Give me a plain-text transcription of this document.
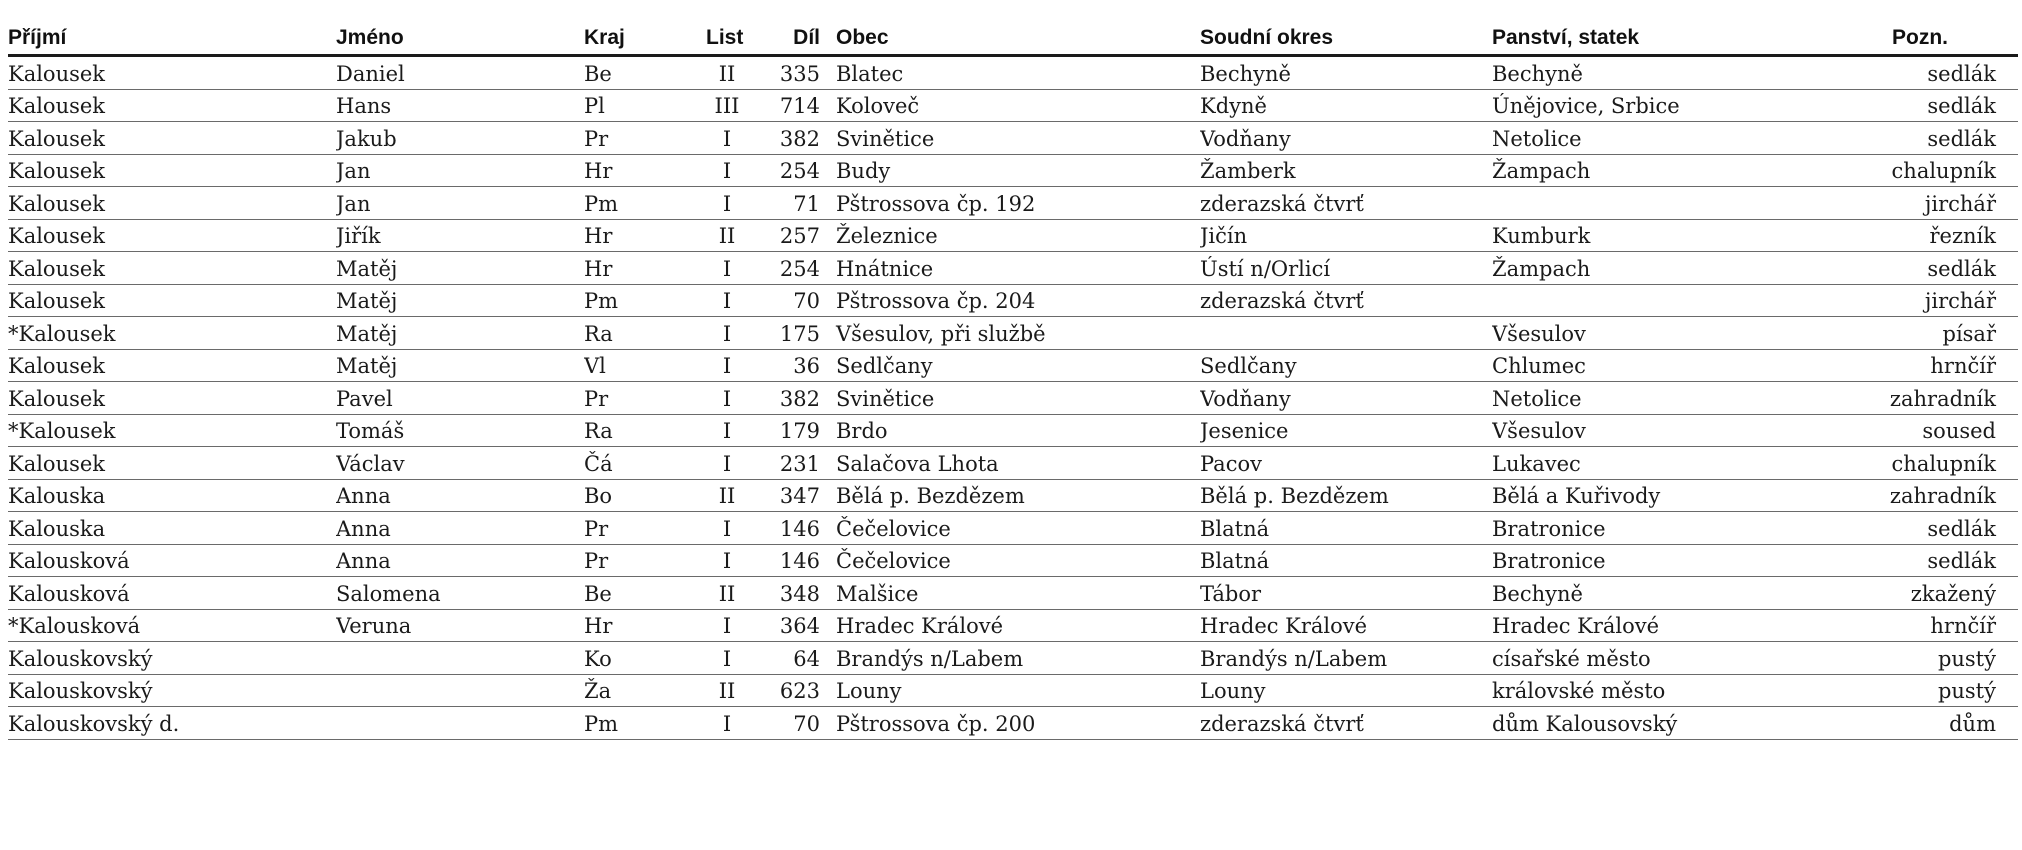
Příjmí	Jméno	Kraj	List	Díl	Obec	Soudní okres	Panství, statek	Pozn.
Kalousek	Daniel	Be	II	335	Blatec	Bechyně	Bechyně	sedlák
Kalousek	Hans	Pl	III	714	Koloveč	Kdyně	Únějovice, Srbice	sedlák
Kalousek	Jakub	Pr	I	382	Svinětice	Vodňany	Netolice	sedlák
Kalousek	Jan	Hr	I	254	Budy	Žamberk	Žampach	chalupník
Kalousek	Jan	Pm	I	71	Pštrossova čp. 192	zderazská čtvrť		jirchář
Kalousek	Jiřík	Hr	II	257	Železnice	Jičín	Kumburk	řezník
Kalousek	Matěj	Hr	I	254	Hnátnice	Ústí n/Orlicí	Žampach	sedlák
Kalousek	Matěj	Pm	I	70	Pštrossova čp. 204	zderazská čtvrť		jirchář
*Kalousek	Matěj	Ra	I	175	Všesulov, při službě		Všesulov	písař
Kalousek	Matěj	Vl	I	36	Sedlčany	Sedlčany	Chlumec	hrnčíř
Kalousek	Pavel	Pr	I	382	Svinětice	Vodňany	Netolice	zahradník
*Kalousek	Tomáš	Ra	I	179	Brdo	Jesenice	Všesulov	soused
Kalousek	Václav	Čá	I	231	Salačova Lhota	Pacov	Lukavec	chalupník
Kalouska	Anna	Bo	II	347	Bělá p. Bezdězem	Bělá p. Bezdězem	Bělá a Kuřivody	zahradník
Kalouska	Anna	Pr	I	146	Čečelovice	Blatná	Bratronice	sedlák
Kalousková	Anna	Pr	I	146	Čečelovice	Blatná	Bratronice	sedlák
Kalousková	Salomena	Be	II	348	Malšice	Tábor	Bechyně	zkažený
*Kalousková	Veruna	Hr	I	364	Hradec Králové	Hradec Králové	Hradec Králové	hrnčíř
Kalouskovský		Ko	I	64	Brandýs n/Labem	Brandýs n/Labem	císařské město	pustý
Kalouskovský		Ža	II	623	Louny	Louny	královské město	pustý
Kalouskovský d.		Pm	I	70	Pštrossova čp. 200	zderazská čtvrť	dům Kalousovský	dům
